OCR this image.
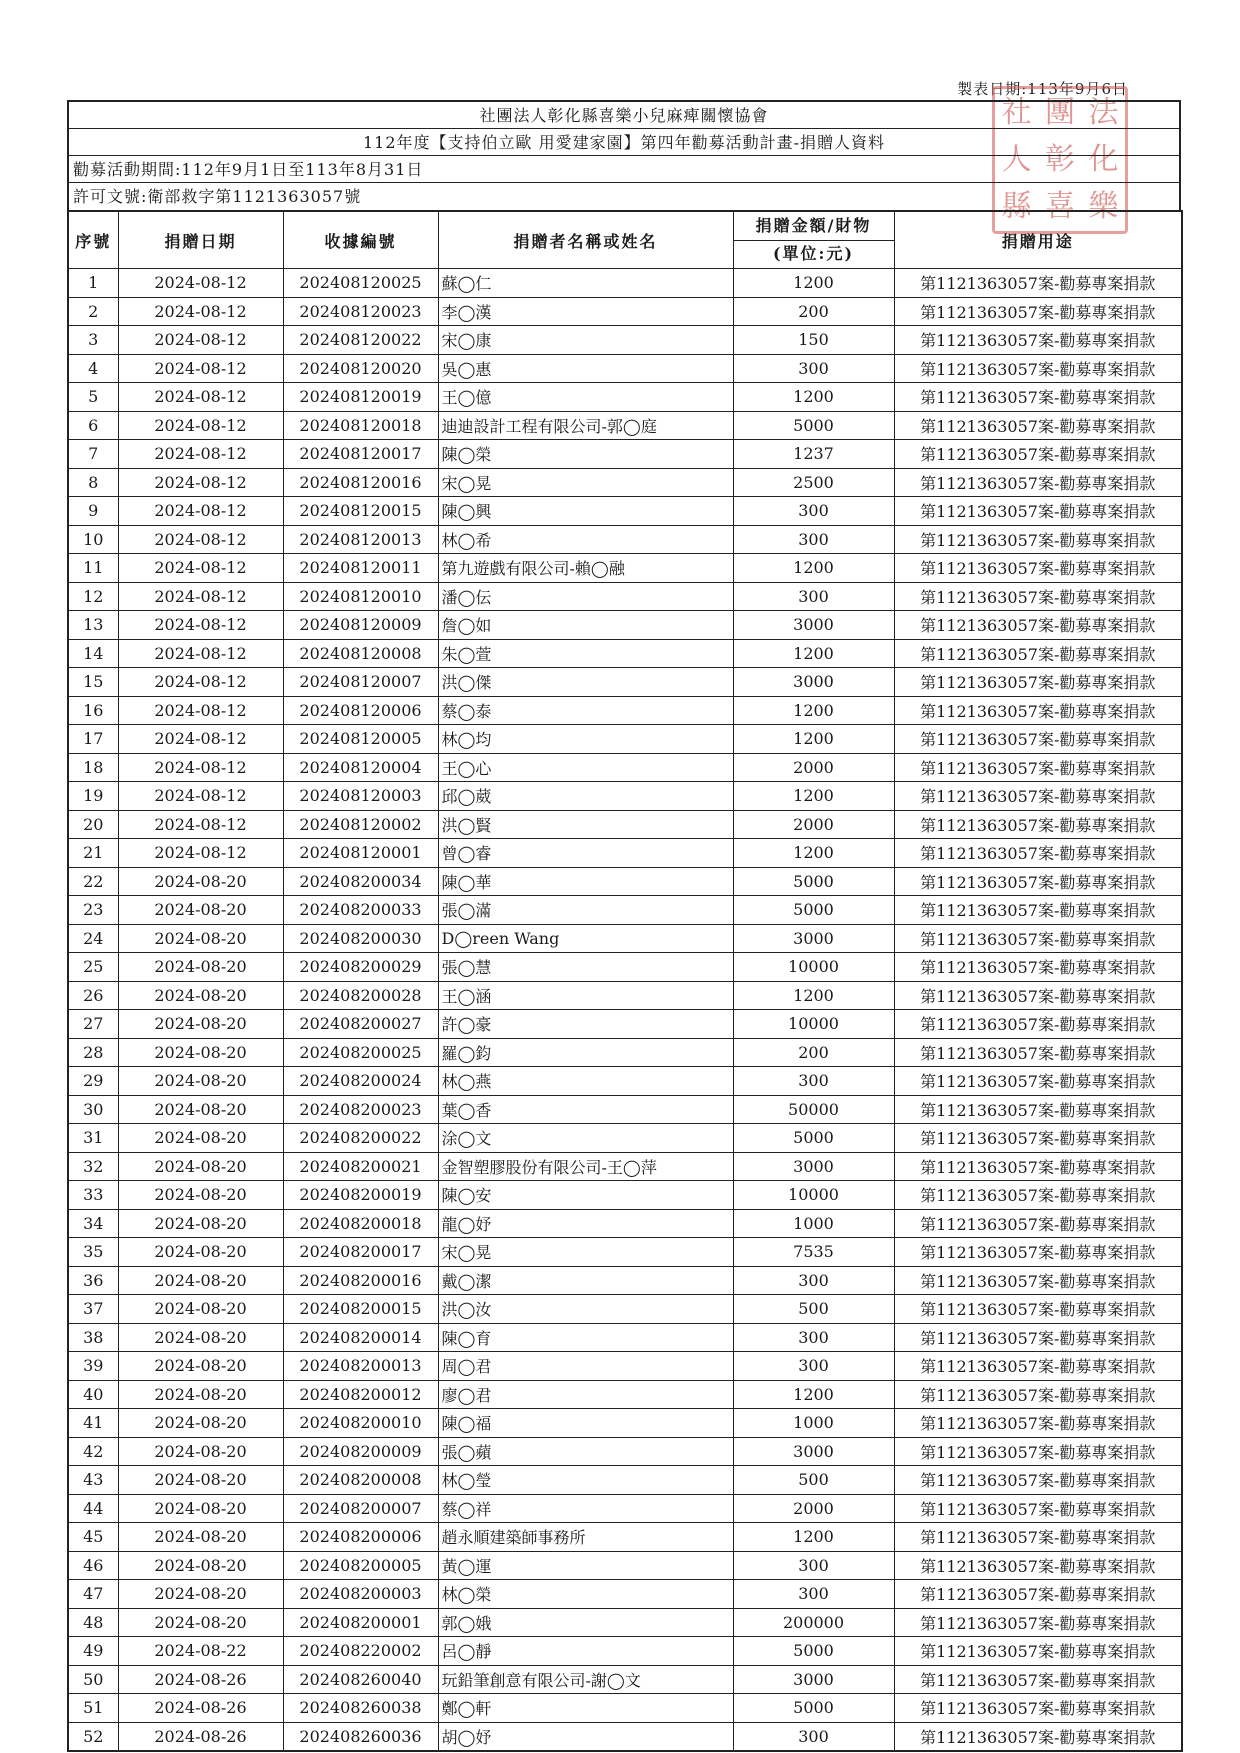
製表日期:113年9月6日
社 團 法
人 彰 化
縣 喜 樂
社團法人彰化縣喜樂小兒麻痺關懷協會
112年度【支持伯立歐 用愛建家園】第四年勸募活動計畫-捐贈人資料
勸募活動期間:112年9月1日至113年8月31日
許可文號:衛部救字第1121363057號
序號	捐贈日期	收據編號	捐贈者名稱或姓名	捐贈金額/財物	捐贈用途
				(單位:元)	
1	2024-08-12	202408120025	蘇◯仁	1200	第1121363057案-勸募專案捐款
2	2024-08-12	202408120023	李◯漢	200	第1121363057案-勸募專案捐款
3	2024-08-12	202408120022	宋◯康	150	第1121363057案-勸募專案捐款
4	2024-08-12	202408120020	吳◯惠	300	第1121363057案-勸募專案捐款
5	2024-08-12	202408120019	王◯億	1200	第1121363057案-勸募專案捐款
6	2024-08-12	202408120018	迪迪設計工程有限公司-郭◯庭	5000	第1121363057案-勸募專案捐款
7	2024-08-12	202408120017	陳◯榮	1237	第1121363057案-勸募專案捐款
8	2024-08-12	202408120016	宋◯晃	2500	第1121363057案-勸募專案捐款
9	2024-08-12	202408120015	陳◯興	300	第1121363057案-勸募專案捐款
10	2024-08-12	202408120013	林◯希	300	第1121363057案-勸募專案捐款
11	2024-08-12	202408120011	第九遊戲有限公司-賴◯融	1200	第1121363057案-勸募專案捐款
12	2024-08-12	202408120010	潘◯伝	300	第1121363057案-勸募專案捐款
13	2024-08-12	202408120009	詹◯如	3000	第1121363057案-勸募專案捐款
14	2024-08-12	202408120008	朱◯萱	1200	第1121363057案-勸募專案捐款
15	2024-08-12	202408120007	洪◯傑	3000	第1121363057案-勸募專案捐款
16	2024-08-12	202408120006	蔡◯泰	1200	第1121363057案-勸募專案捐款
17	2024-08-12	202408120005	林◯均	1200	第1121363057案-勸募專案捐款
18	2024-08-12	202408120004	王◯心	2000	第1121363057案-勸募專案捐款
19	2024-08-12	202408120003	邱◯葳	1200	第1121363057案-勸募專案捐款
20	2024-08-12	202408120002	洪◯賢	2000	第1121363057案-勸募專案捐款
21	2024-08-12	202408120001	曾◯睿	1200	第1121363057案-勸募專案捐款
22	2024-08-20	202408200034	陳◯華	5000	第1121363057案-勸募專案捐款
23	2024-08-20	202408200033	張◯滿	5000	第1121363057案-勸募專案捐款
24	2024-08-20	202408200030	D◯reen Wang	3000	第1121363057案-勸募專案捐款
25	2024-08-20	202408200029	張◯慧	10000	第1121363057案-勸募專案捐款
26	2024-08-20	202408200028	王◯涵	1200	第1121363057案-勸募專案捐款
27	2024-08-20	202408200027	許◯豪	10000	第1121363057案-勸募專案捐款
28	2024-08-20	202408200025	羅◯鈞	200	第1121363057案-勸募專案捐款
29	2024-08-20	202408200024	林◯燕	300	第1121363057案-勸募專案捐款
30	2024-08-20	202408200023	葉◯香	50000	第1121363057案-勸募專案捐款
31	2024-08-20	202408200022	涂◯文	5000	第1121363057案-勸募專案捐款
32	2024-08-20	202408200021	金智塑膠股份有限公司-王◯萍	3000	第1121363057案-勸募專案捐款
33	2024-08-20	202408200019	陳◯安	10000	第1121363057案-勸募專案捐款
34	2024-08-20	202408200018	龍◯妤	1000	第1121363057案-勸募專案捐款
35	2024-08-20	202408200017	宋◯晃	7535	第1121363057案-勸募專案捐款
36	2024-08-20	202408200016	戴◯潔	300	第1121363057案-勸募專案捐款
37	2024-08-20	202408200015	洪◯汝	500	第1121363057案-勸募專案捐款
38	2024-08-20	202408200014	陳◯育	300	第1121363057案-勸募專案捐款
39	2024-08-20	202408200013	周◯君	300	第1121363057案-勸募專案捐款
40	2024-08-20	202408200012	廖◯君	1200	第1121363057案-勸募專案捐款
41	2024-08-20	202408200010	陳◯福	1000	第1121363057案-勸募專案捐款
42	2024-08-20	202408200009	張◯蘋	3000	第1121363057案-勸募專案捐款
43	2024-08-20	202408200008	林◯瑩	500	第1121363057案-勸募專案捐款
44	2024-08-20	202408200007	蔡◯祥	2000	第1121363057案-勸募專案捐款
45	2024-08-20	202408200006	趙永順建築師事務所	1200	第1121363057案-勸募專案捐款
46	2024-08-20	202408200005	黃◯運	300	第1121363057案-勸募專案捐款
47	2024-08-20	202408200003	林◯榮	300	第1121363057案-勸募專案捐款
48	2024-08-20	202408200001	郭◯娥	200000	第1121363057案-勸募專案捐款
49	2024-08-22	202408220002	呂◯靜	5000	第1121363057案-勸募專案捐款
50	2024-08-26	202408260040	玩鉛筆創意有限公司-謝◯文	3000	第1121363057案-勸募專案捐款
51	2024-08-26	202408260038	鄭◯軒	5000	第1121363057案-勸募專案捐款
52	2024-08-26	202408260036	胡◯妤	300	第1121363057案-勸募專案捐款
